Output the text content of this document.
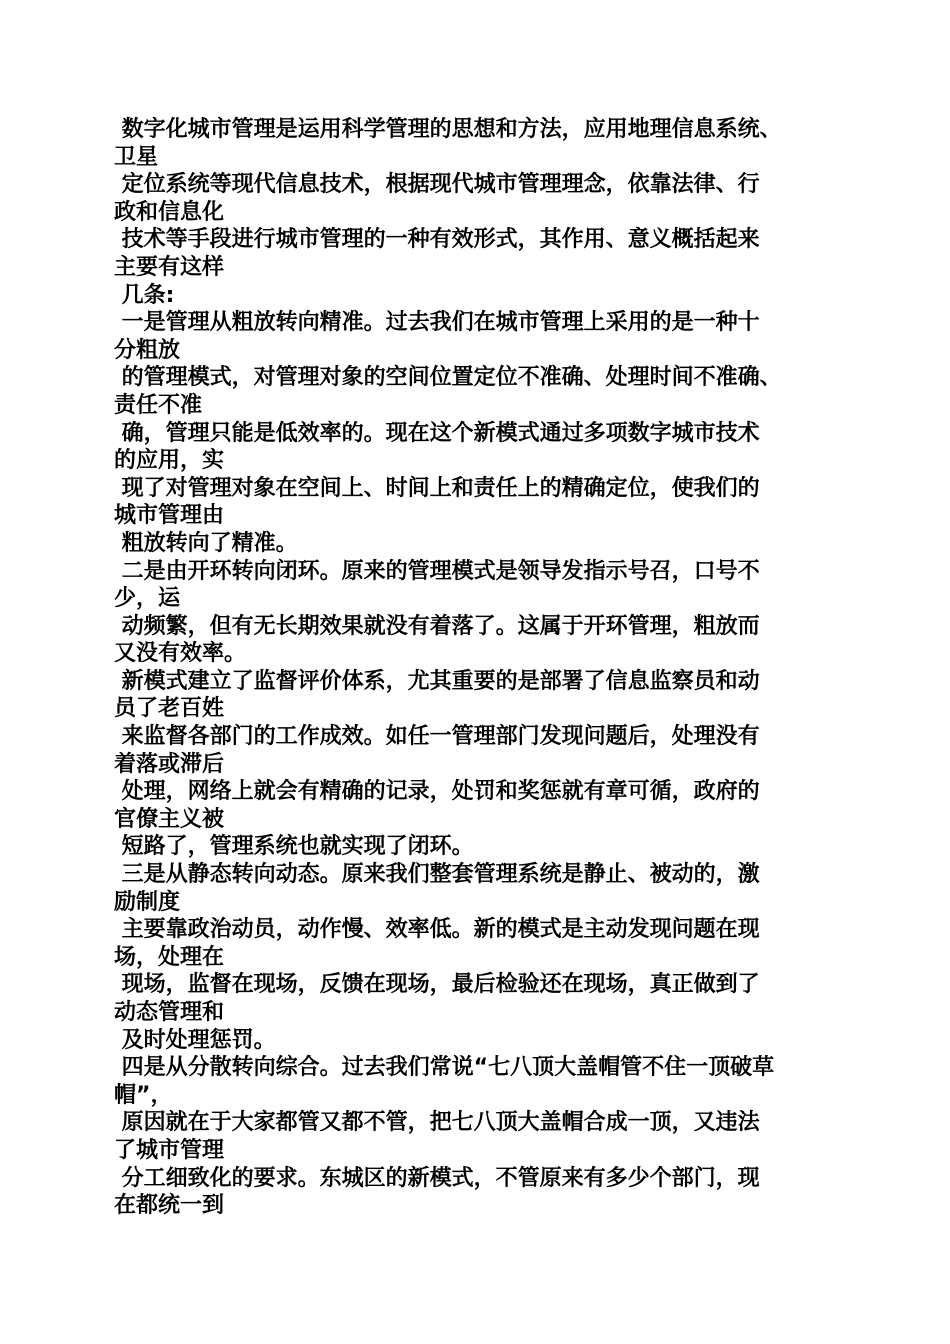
数字化城市管理是运用科学管理的思想和方法，应用地理信息系统、
卫星
定位系统等现代信息技术，根据现代城市管理理念，依靠法律、行
政和信息化
技术等手段进行城市管理的一种有效形式，其作用、意义概括起来
主要有这样
几条:
一是管理从粗放转向精准。过去我们在城市管理上采用的是一种十
分粗放
的管理模式，对管理对象的空间位置定位不准确、处理时间不准确、
责任不准
确，管理只能是低效率的。现在这个新模式通过多项数字城市技术
的应用，实
现了对管理对象在空间上、时间上和责任上的精确定位，使我们的
城市管理由
粗放转向了精准。
二是由开环转向闭环。原来的管理模式是领导发指示号召，口号不
少，运
动频繁，但有无长期效果就没有着落了。这属于开环管理，粗放而
又没有效率。
新模式建立了监督评价体系，尤其重要的是部署了信息监察员和动
员了老百姓
来监督各部门的工作成效。如任一管理部门发现问题后，处理没有
着落或滞后
处理，网络上就会有精确的记录，处罚和奖惩就有章可循，政府的
官僚主义被
短路了，管理系统也就实现了闭环。
三是从静态转向动态。原来我们整套管理系统是静止、被动的，激
励制度
主要靠政治动员，动作慢、效率低。新的模式是主动发现问题在现
场，处理在
现场，监督在现场，反馈在现场，最后检验还在现场，真正做到了
动态管理和
及时处理惩罚。
四是从分散转向综合。过去我们常说“七八顶大盖帽管不住一顶破草
帽”，
原因就在于大家都管又都不管，把七八顶大盖帽合成一顶，又违法
了城市管理
分工细致化的要求。东城区的新模式，不管原来有多少个部门，现
在都统一到
